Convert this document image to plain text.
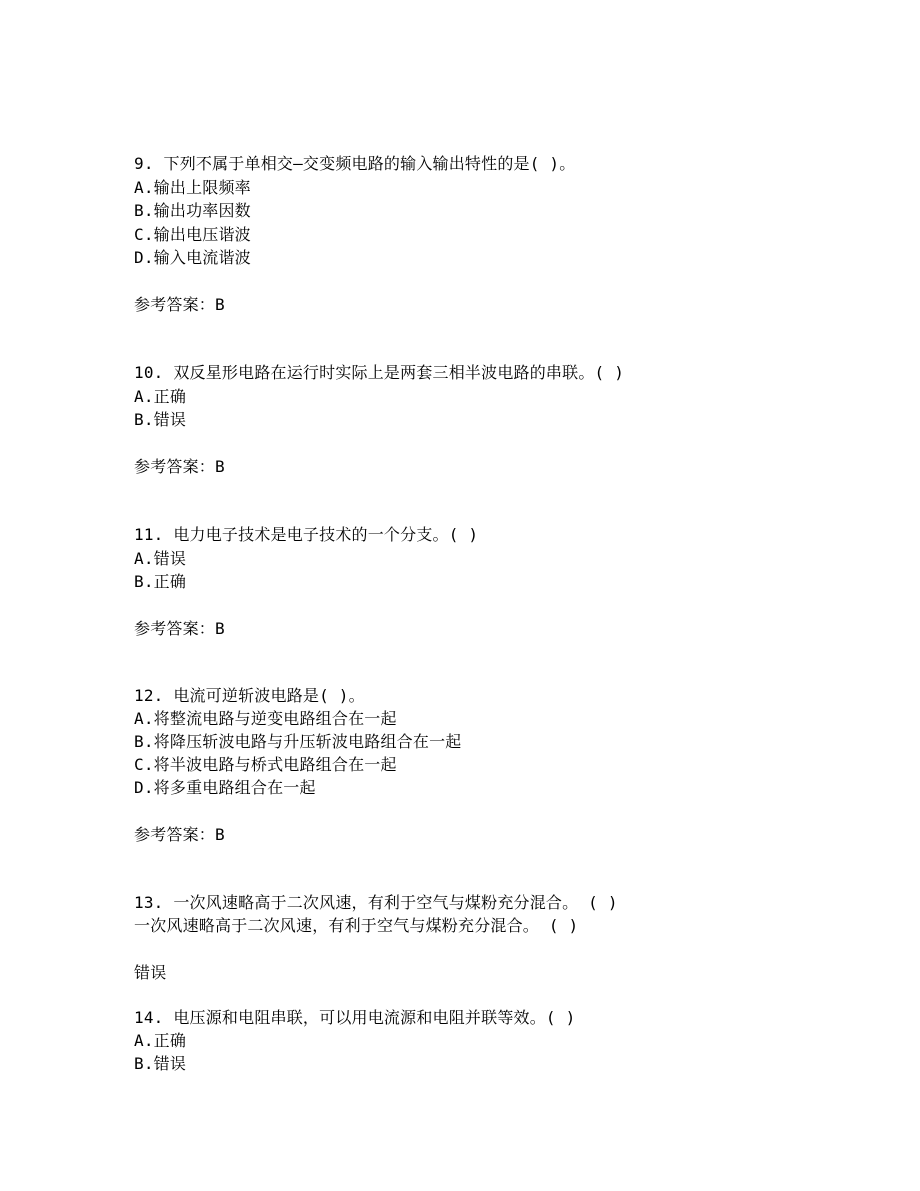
9. 下列不属于单相交—交变频电路的输入输出特性的是( )。
A.输出上限频率
B.输出功率因数
C.输出电压谐波
D.输入电流谐波
参考答案：B
10. 双反星形电路在运行时实际上是两套三相半波电路的串联。( )
A.正确
B.错误
参考答案：B
11. 电力电子技术是电子技术的一个分支。( )
A.错误
B.正确
参考答案：B
12. 电流可逆斩波电路是( )。
A.将整流电路与逆变电路组合在一起
B.将降压斩波电路与升压斩波电路组合在一起
C.将半波电路与桥式电路组合在一起
D.将多重电路组合在一起
参考答案：B
13. 一次风速略高于二次风速，有利于空气与煤粉充分混合。 ( )
一次风速略高于二次风速，有利于空气与煤粉充分混合。 ( )
错误
14. 电压源和电阻串联，可以用电流源和电阻并联等效。( )
A.正确
B.错误
